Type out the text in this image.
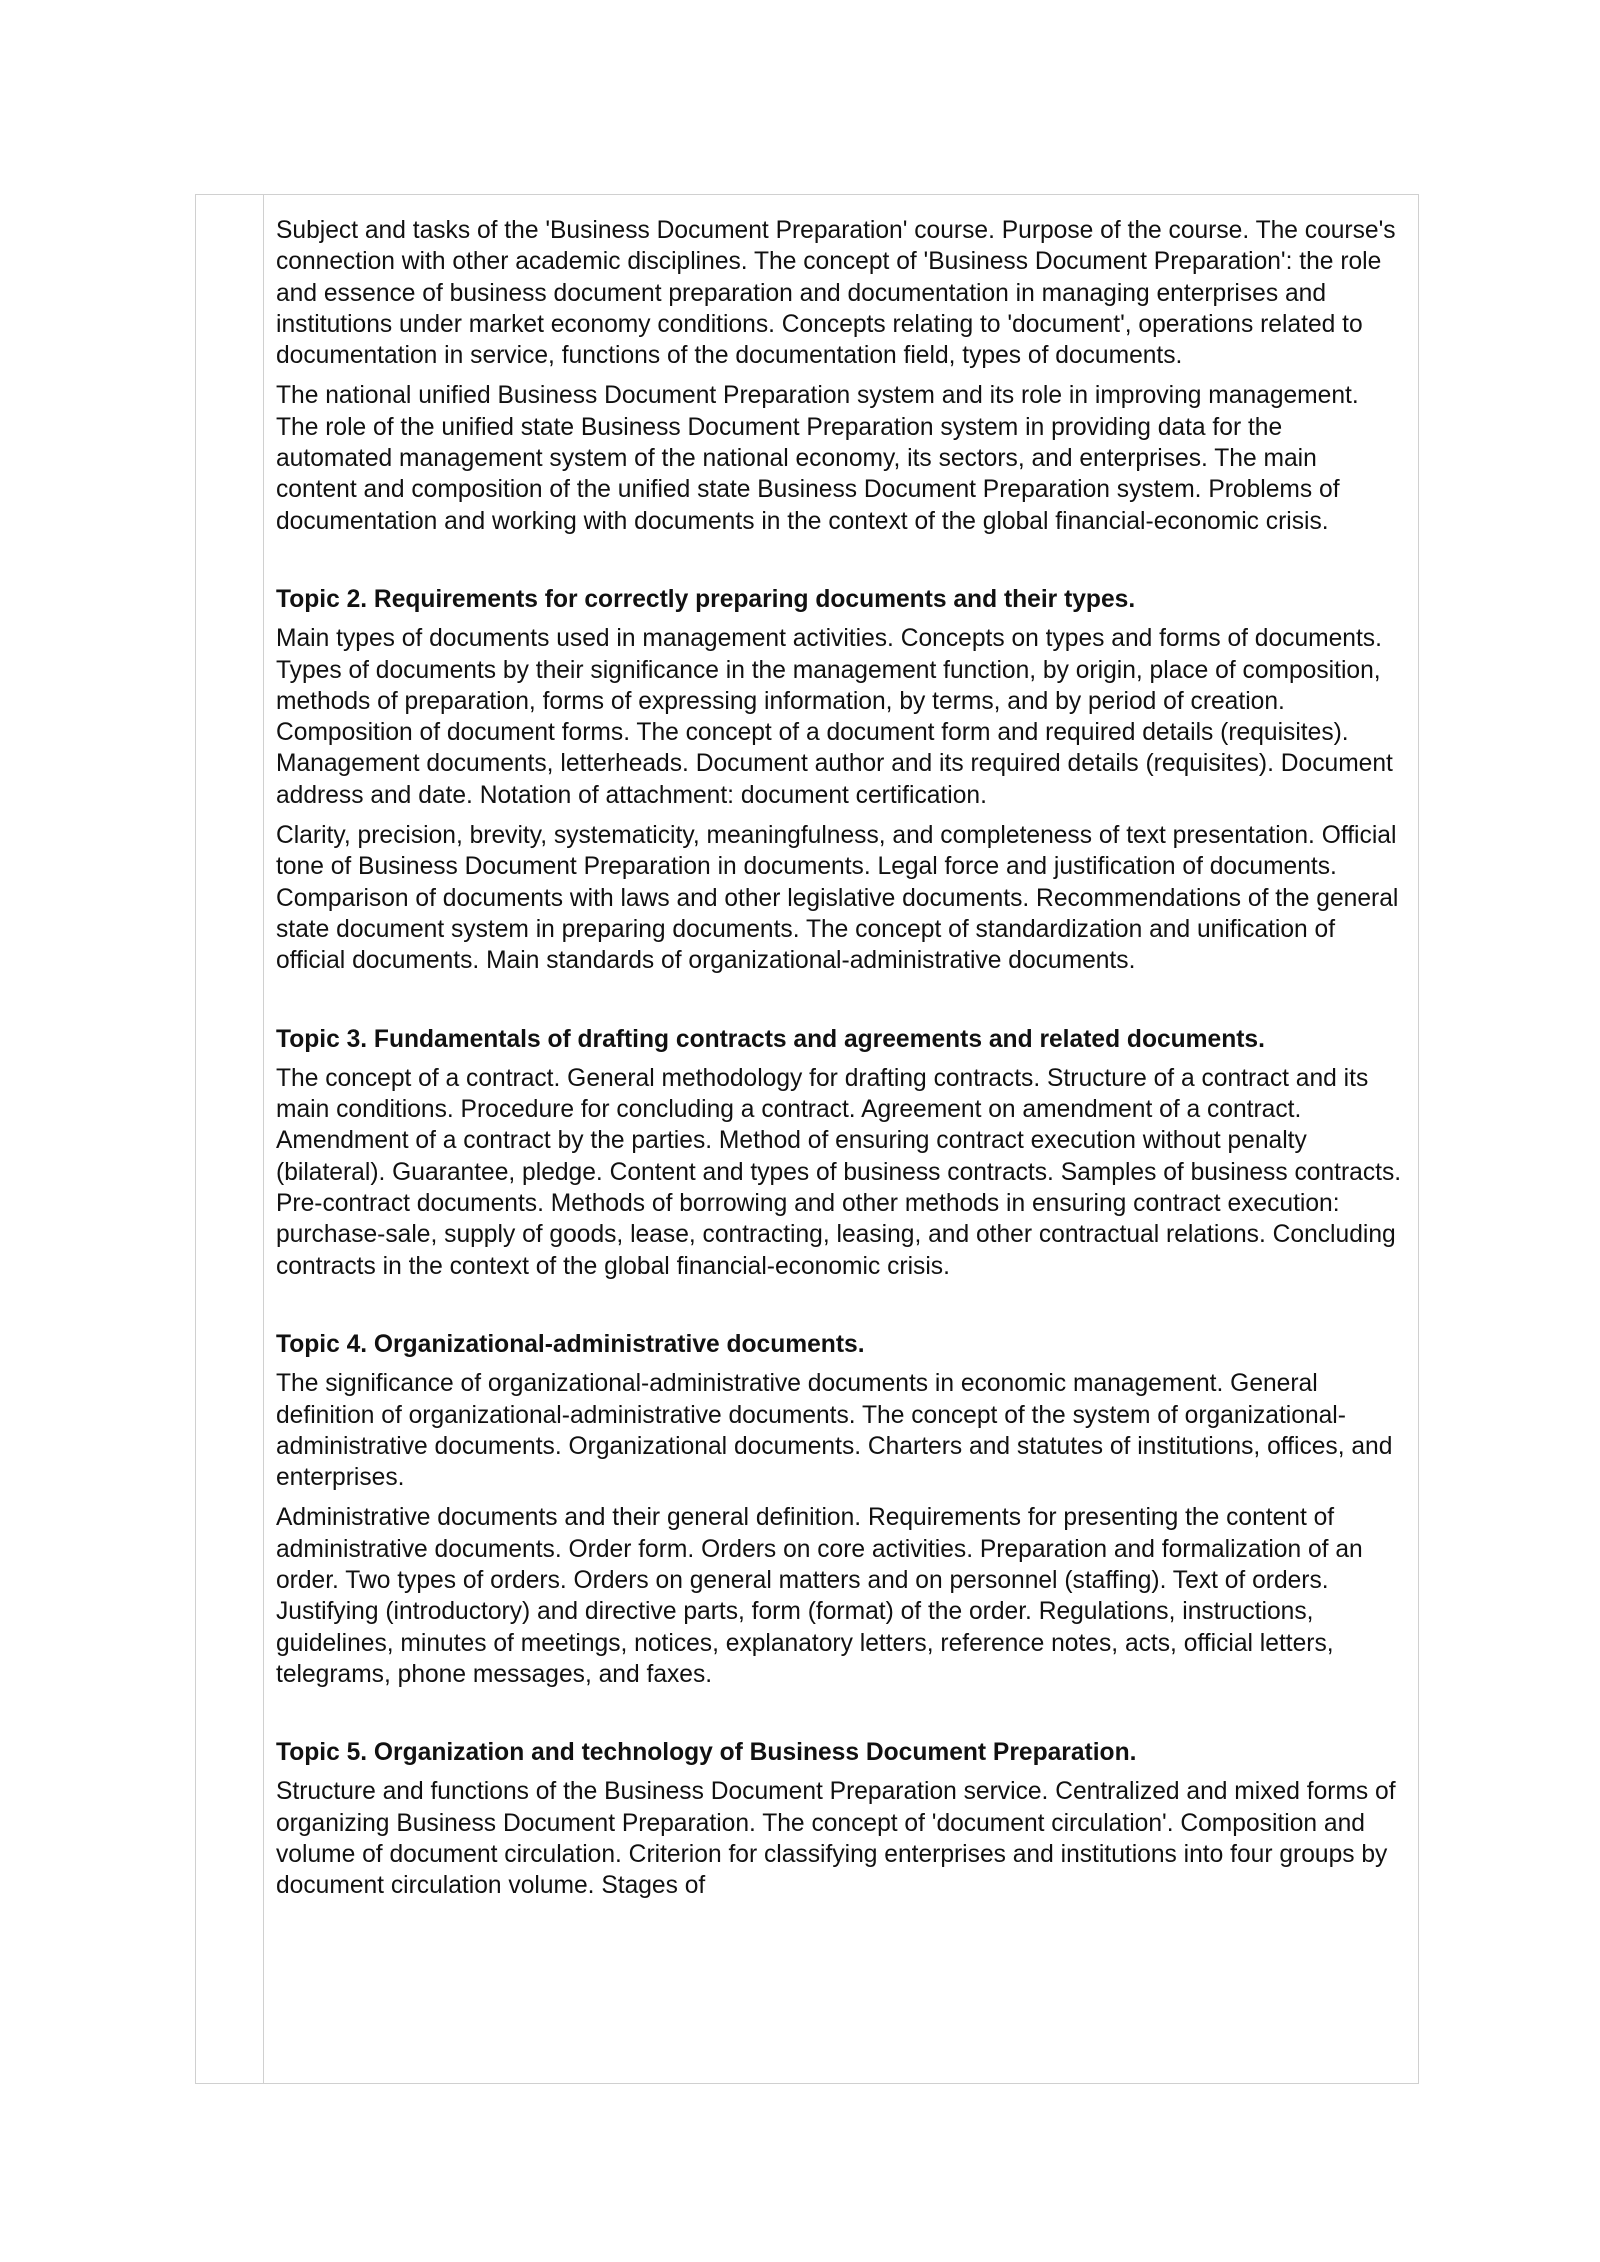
Subject and tasks of the 'Business Document Preparation' course. Purpose of the course. The course's connection with other academic disciplines. The concept of 'Business Document Preparation': the role and essence of business document preparation and documentation in managing enterprises and institutions under market economy conditions. Concepts relating to 'document', operations related to documentation in service, functions of the documentation field, types of documents.

The national unified Business Document Preparation system and its role in improving management. The role of the unified state Business Document Preparation system in providing data for the automated management system of the national economy, its sectors, and enterprises. The main content and composition of the unified state Business Document Preparation system. Problems of documentation and working with documents in the context of the global financial-economic crisis.

Topic 2. Requirements for correctly preparing documents and their types.

Main types of documents used in management activities. Concepts on types and forms of documents. Types of documents by their significance in the management function, by origin, place of composition, methods of preparation, forms of expressing information, by terms, and by period of creation. Composition of document forms. The concept of a document form and required details (requisites). Management documents, letterheads. Document author and its required details (requisites). Document address and date. Notation of attachment: document certification.

Clarity, precision, brevity, systematicity, meaningfulness, and completeness of text presentation. Official tone of Business Document Preparation in documents. Legal force and justification of documents. Comparison of documents with laws and other legislative documents. Recommendations of the general state document system in preparing documents. The concept of standardization and unification of official documents. Main standards of organizational-administrative documents.

Topic 3. Fundamentals of drafting contracts and agreements and related documents.

The concept of a contract. General methodology for drafting contracts. Structure of a contract and its main conditions. Procedure for concluding a contract. Agreement on amendment of a contract. Amendment of a contract by the parties. Method of ensuring contract execution without penalty (bilateral). Guarantee, pledge. Content and types of business contracts. Samples of business contracts. Pre-contract documents. Methods of borrowing and other methods in ensuring contract execution: purchase-sale, supply of goods, lease, contracting, leasing, and other contractual relations. Concluding contracts in the context of the global financial-economic crisis.

Topic 4. Organizational-administrative documents.

The significance of organizational-administrative documents in economic management. General definition of organizational-administrative documents. The concept of the system of organizational-administrative documents. Organizational documents. Charters and statutes of institutions, offices, and enterprises.

Administrative documents and their general definition. Requirements for presenting the content of administrative documents. Order form. Orders on core activities. Preparation and formalization of an order. Two types of orders. Orders on general matters and on personnel (staffing). Text of orders. Justifying (introductory) and directive parts, form (format) of the order. Regulations, instructions, guidelines, minutes of meetings, notices, explanatory letters, reference notes, acts, official letters, telegrams, phone messages, and faxes.

Topic 5. Organization and technology of Business Document Preparation.

Structure and functions of the Business Document Preparation service. Centralized and mixed forms of organizing Business Document Preparation. The concept of 'document circulation'. Composition and volume of document circulation. Criterion for classifying enterprises and institutions into four groups by document circulation volume. Stages of
